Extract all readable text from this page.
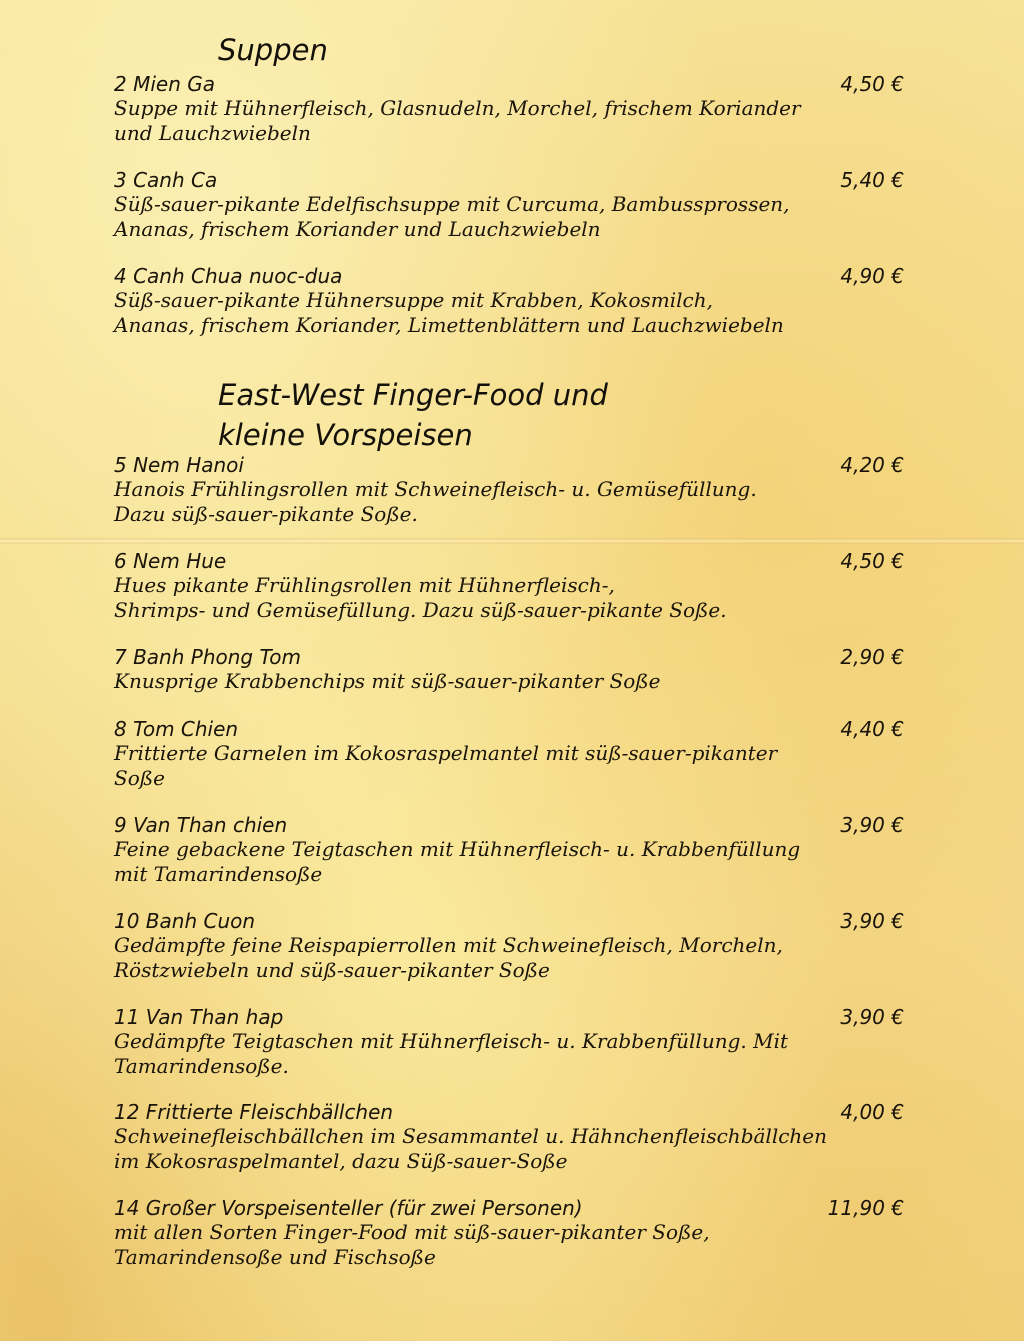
Suppen
2 Mien Ga	4,50 €
Suppe mit Hühnerfleisch, Glasnudeln, Morchel, frischem Koriander
und Lauchzwiebeln
3 Canh Ca	5,40 €
Süß-sauer-pikante Edelfischsuppe mit Curcuma, Bambussprossen,
Ananas, frischem Koriander und Lauchzwiebeln
4 Canh Chua nuoc-dua	4,90 €
Süß-sauer-pikante Hühnersuppe mit Krabben, Kokosmilch,
Ananas, frischem Koriander, Limettenblättern und Lauchzwiebeln
East-West Finger-Food und
kleine Vorspeisen
5 Nem Hanoi	4,20 €
Hanois Frühlingsrollen mit Schweinefleisch- u. Gemüsefüllung.
Dazu süß-sauer-pikante Soße.
6 Nem Hue	4,50 €
Hues pikante Frühlingsrollen mit Hühnerfleisch-,
Shrimps- und Gemüsefüllung. Dazu süß-sauer-pikante Soße.
7 Banh Phong Tom	2,90 €
Knusprige Krabbenchips mit süß-sauer-pikanter Soße
8 Tom Chien	4,40 €
Frittierte Garnelen im Kokosraspelmantel mit süß-sauer-pikanter
Soße
9 Van Than chien	3,90 €
Feine gebackene Teigtaschen mit Hühnerfleisch- u. Krabbenfüllung
mit Tamarindensoße
10 Banh Cuon	3,90 €
Gedämpfte feine Reispapierrollen mit Schweinefleisch, Morcheln,
Röstzwiebeln und süß-sauer-pikanter Soße
11 Van Than hap	3,90 €
Gedämpfte Teigtaschen mit Hühnerfleisch- u. Krabbenfüllung. Mit
Tamarindensoße.
12 Frittierte Fleischbällchen	4,00 €
Schweinefleischbällchen im Sesammantel u. Hähnchenfleischbällchen
im Kokosraspelmantel, dazu Süß-sauer-Soße
14 Großer Vorspeisenteller (für zwei Personen)	11,90 €
mit allen Sorten Finger-Food mit süß-sauer-pikanter Soße,
Tamarindensoße und Fischsoße
